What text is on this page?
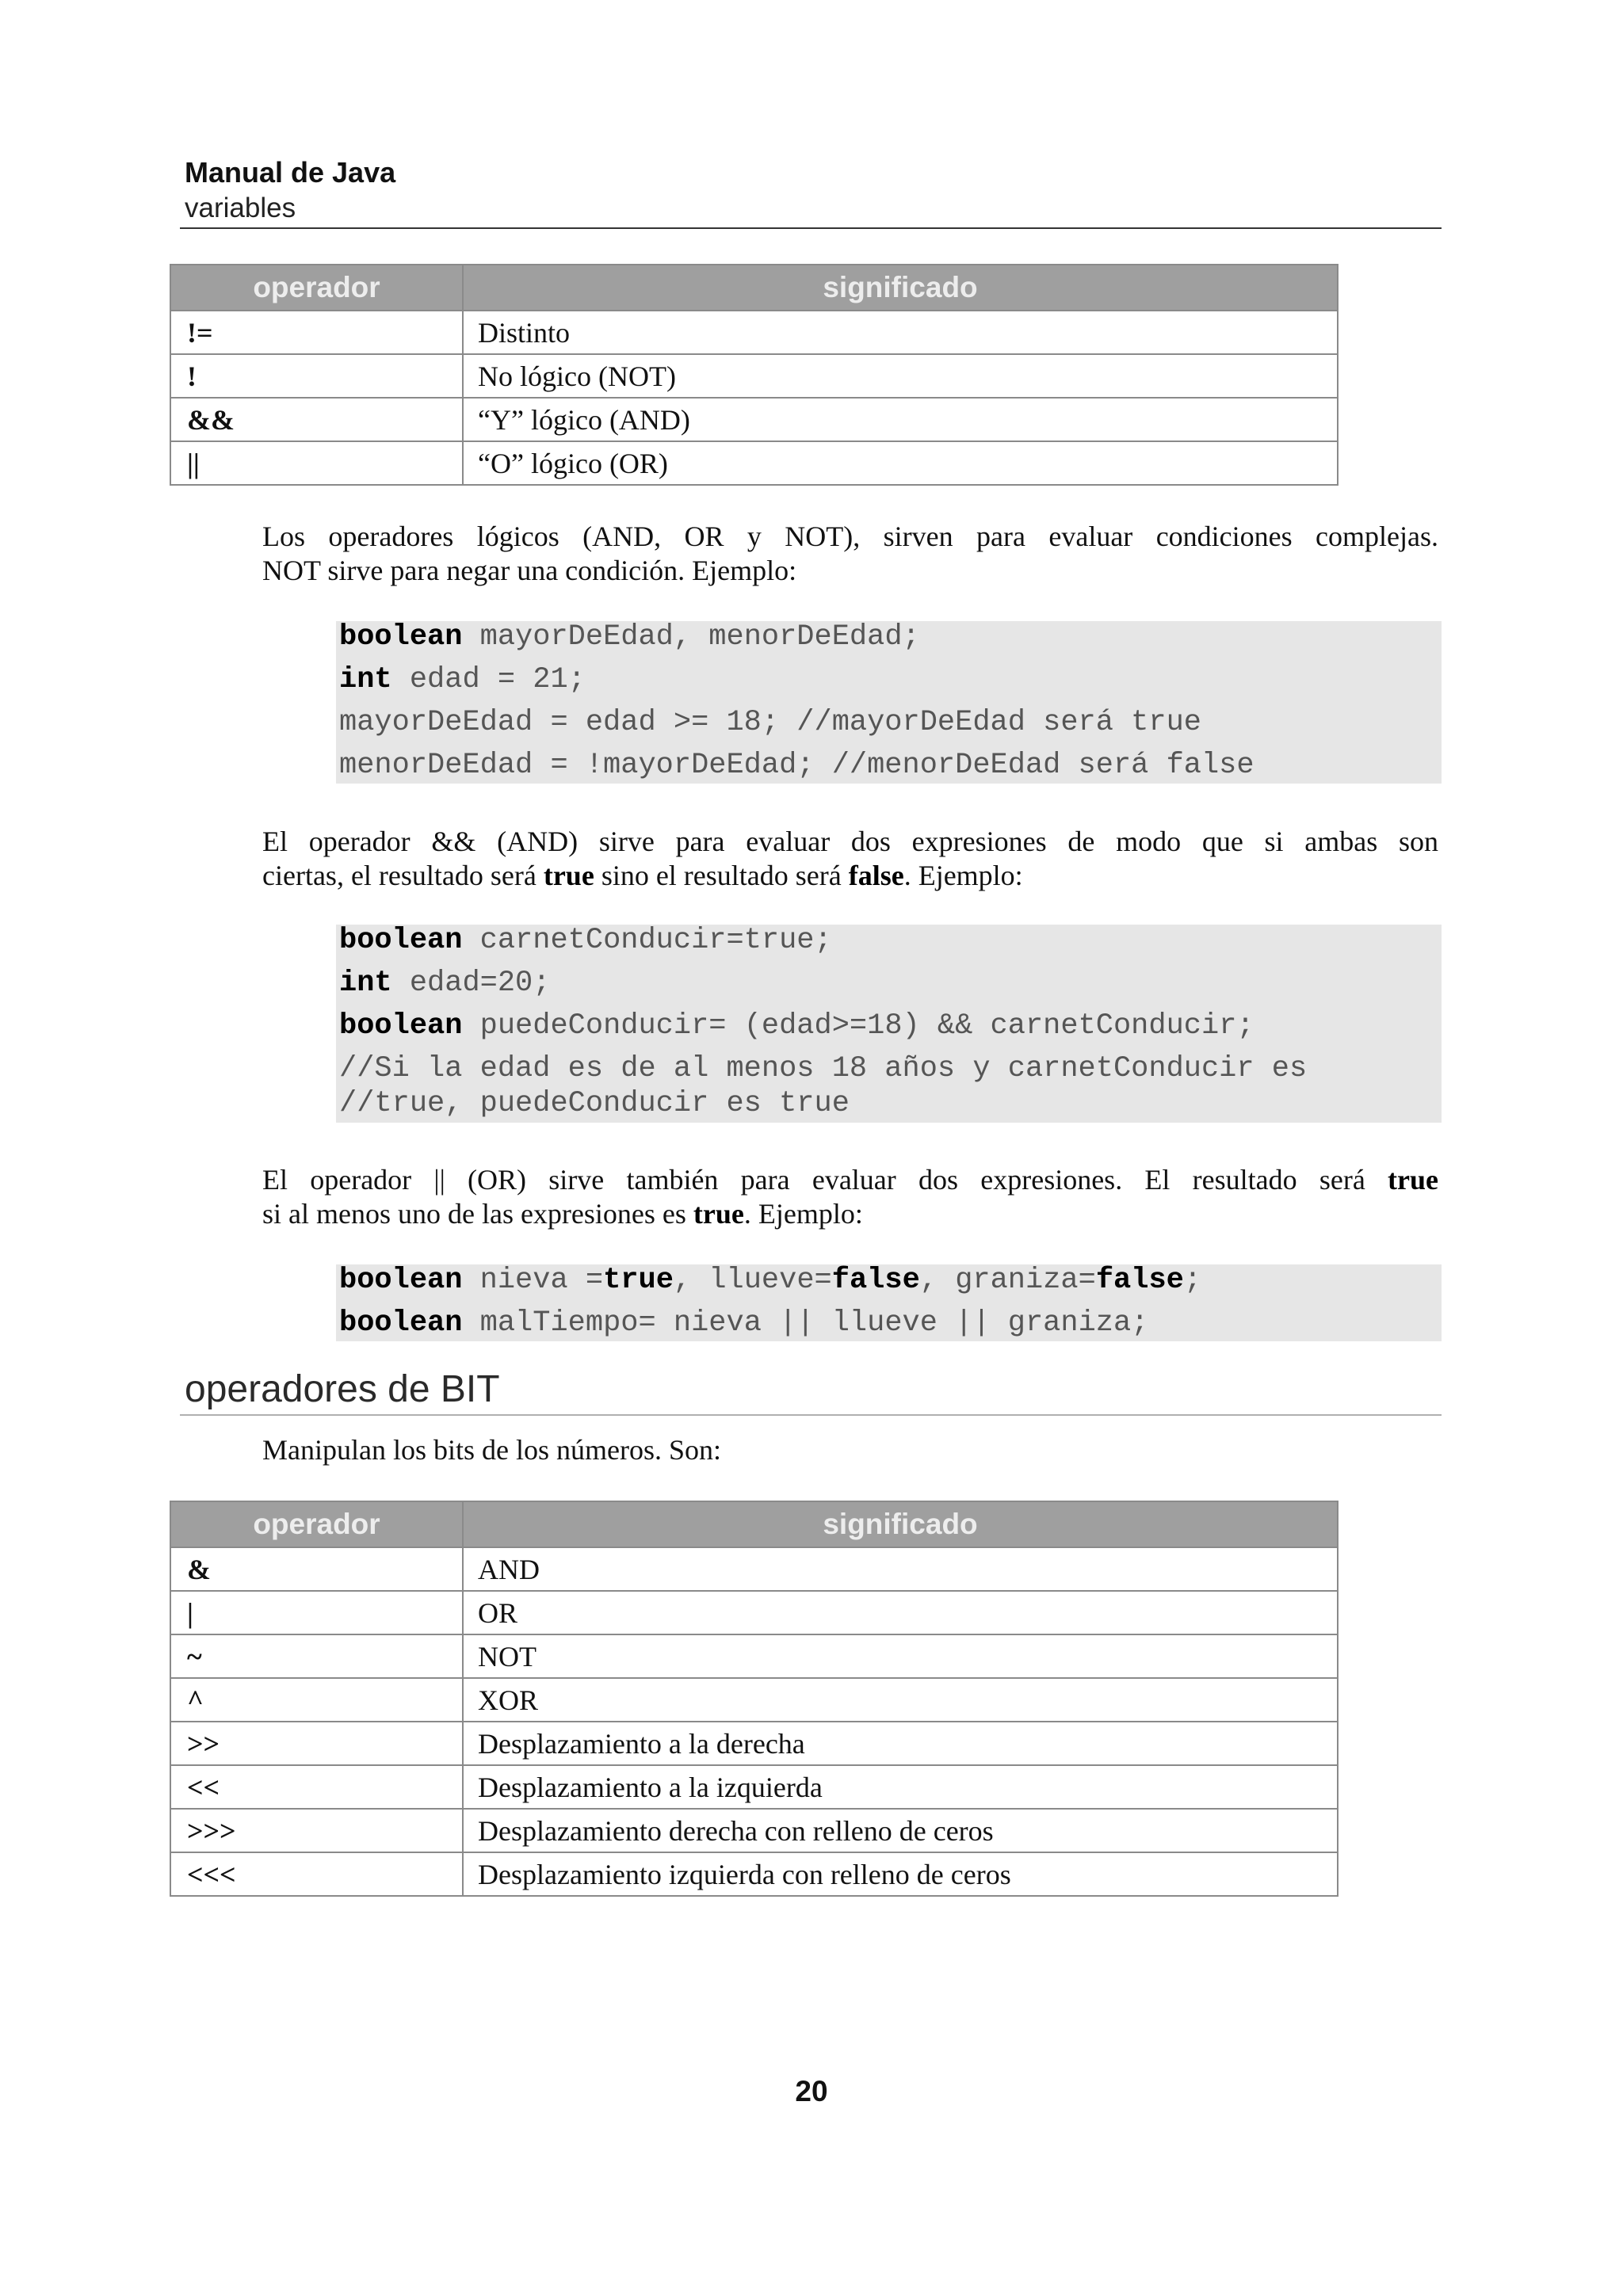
Manual de Java
variables
operador	significado
!=	Distinto
!	No lógico (NOT)
&&	“Y” lógico (AND)
||	“O” lógico (OR)
Los operadores lógicos (AND, OR y NOT), sirven para evaluar condiciones complejas.
NOT sirve para negar una condición. Ejemplo:
boolean mayorDeEdad, menorDeEdad;
int edad = 21;
mayorDeEdad = edad >= 18; //mayorDeEdad será true
menorDeEdad = !mayorDeEdad; //menorDeEdad será false
El operador && (AND) sirve para evaluar dos expresiones de modo que si ambas son
ciertas, el resultado será true sino el resultado será false. Ejemplo:
boolean carnetConducir=true;
int edad=20;
boolean puedeConducir= (edad>=18) && carnetConducir;
//Si la edad es de al menos 18 años y carnetConducir es
//true, puedeConducir es true
El operador || (OR) sirve también para evaluar dos expresiones. El resultado será true
si al menos uno de las expresiones es true. Ejemplo:
boolean nieva =true, llueve=false, graniza=false;
boolean malTiempo= nieva || llueve || graniza;
operadores de BIT
Manipulan los bits de los números. Son:
operador	significado
&	AND
|	OR
~	NOT
^	XOR
>>	Desplazamiento a la derecha
<<	Desplazamiento a la izquierda
>>>	Desplazamiento derecha con relleno de ceros
<<<	Desplazamiento izquierda con relleno de ceros
20
